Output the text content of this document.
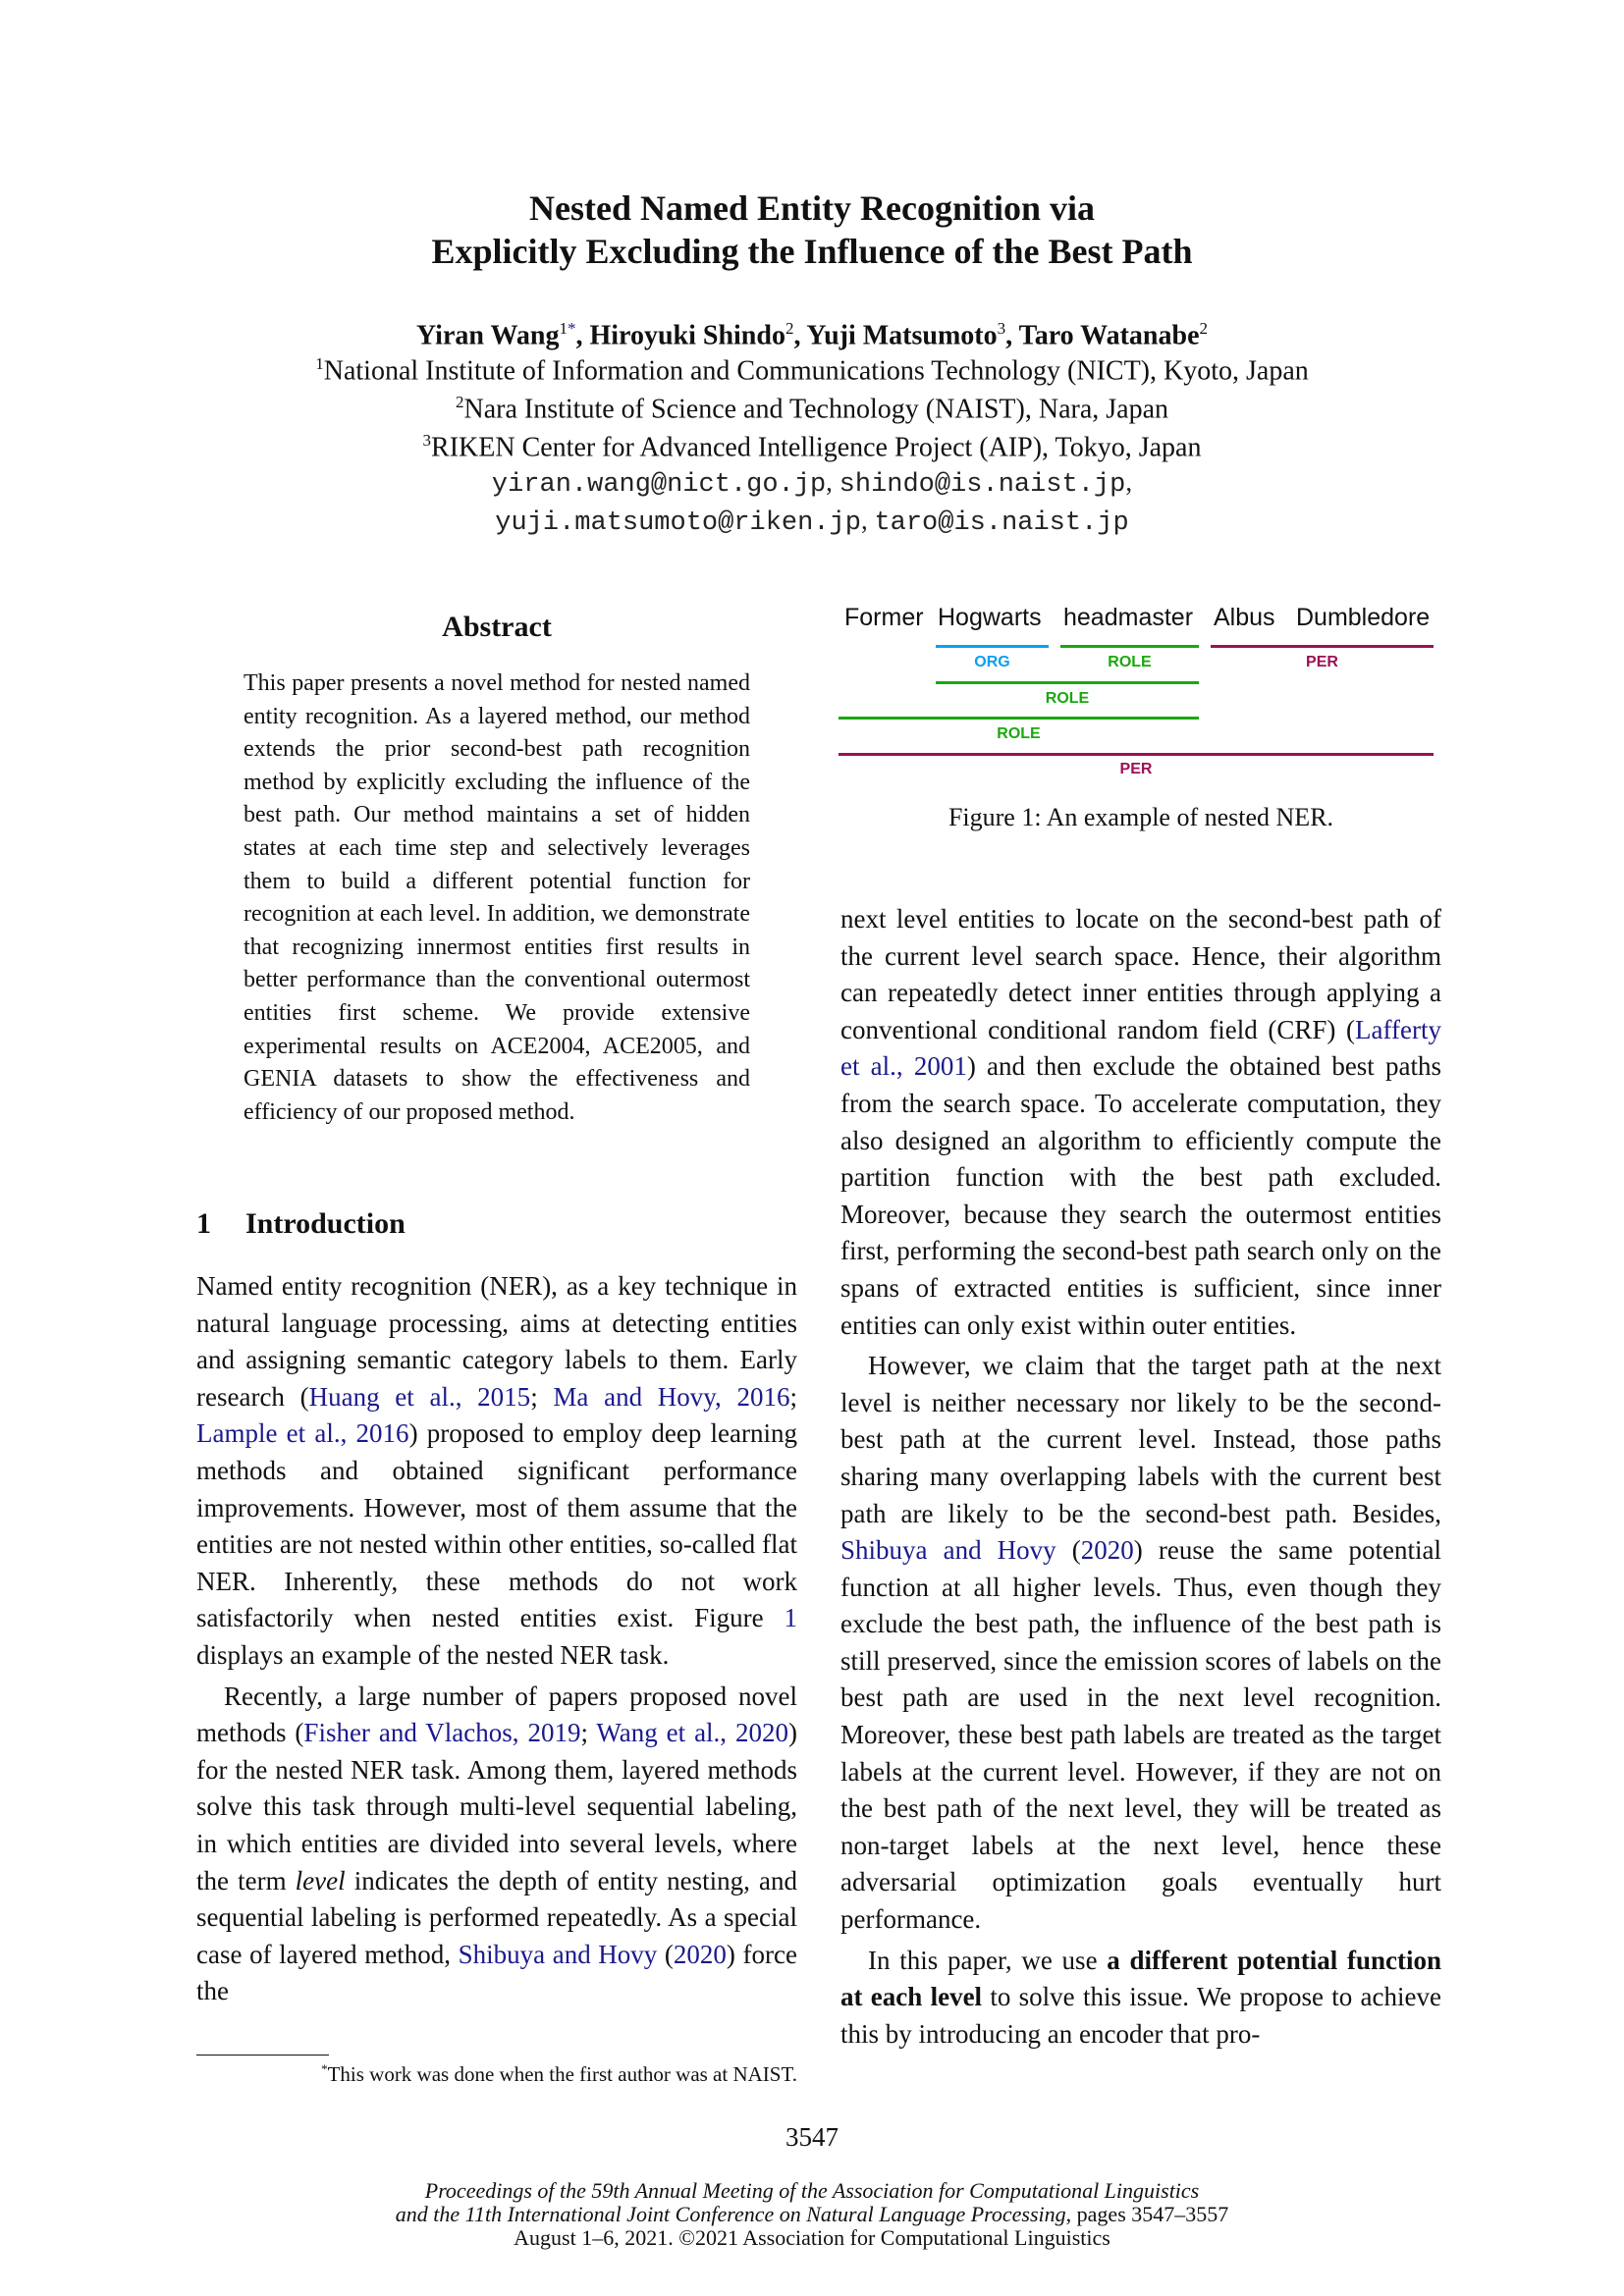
Nested Named Entity Recognition via
Explicitly Excluding the Influence of the Best Path
Yiran Wang$^{1*}$, Hiroyuki Shindo$^2$, Yuji Matsumoto$^3$, Taro Watanabe$^2$
$^1$National Institute of Information and Communications Technology (NICT), Kyoto, Japan
$^2$Nara Institute of Science and Technology (NAIST), Nara, Japan
$^3$RIKEN Center for Advanced Intelligence Project (AIP), Tokyo, Japan
yiran.wang@nict.go.jp, shindo@is.naist.jp,
yuji.matsumoto@riken.jp, taro@is.naist.jp
Abstract
This paper presents a novel method for nested named entity recognition. As a layered method, our method extends the prior second-best path recognition method by explicitly excluding the influence of the best path. Our method maintains a set of hidden states at each time step and selectively leverages them to build a different potential function for recognition at each level. In addition, we demonstrate that recognizing innermost entities first results in better performance than the conventional outermost entities first scheme. We provide extensive experimental results on ACE2004, ACE2005, and GENIA datasets to show the effectiveness and efficiency of our proposed method.
1 Introduction

Named entity recognition (NER), as a key technique in natural language processing, aims at detecting entities and assigning semantic category labels to them. Early research (Huang et al., 2015; Ma and Hovy, 2016; Lample et al., 2016) proposed to employ deep learning methods and obtained significant performance improvements. However, most of them assume that the entities are not nested within other entities, so-called flat NER. Inherently, these methods do not work satisfactorily when nested entities exist. Figure 1 displays an example of the nested NER task.

Recently, a large number of papers proposed novel methods (Fisher and Vlachos, 2019; Wang et al., 2020) for the nested NER task. Among them, layered methods solve this task through multi-level sequential labeling, in which entities are divided into several levels, where the term level indicates the depth of entity nesting, and sequential labeling is performed repeatedly. As a special case of layered method, Shibuya and Hovy (2020) force the

*This work was done when the first author was at NAIST.
Former Hogwarts headmaster Albus Dumbledore
ORG	ROLE	PER
ROLE
ROLE
PER
Figure 1: An example of nested NER.

next level entities to locate on the second-best path of the current level search space. Hence, their algorithm can repeatedly detect inner entities through applying a conventional conditional random field (CRF) (Lafferty et al., 2001) and then exclude the obtained best paths from the search space. To accelerate computation, they also designed an algorithm to efficiently compute the partition function with the best path excluded. Moreover, because they search the outermost entities first, performing the second-best path search only on the spans of extracted entities is sufficient, since inner entities can only exist within outer entities.

However, we claim that the target path at the next level is neither necessary nor likely to be the second-best path at the current level. Instead, those paths sharing many overlapping labels with the current best path are likely to be the second-best path. Besides, Shibuya and Hovy (2020) reuse the same potential function at all higher levels. Thus, even though they exclude the best path, the influence of the best path is still preserved, since the emission scores of labels on the best path are used in the next level recognition. Moreover, these best path labels are treated as the target labels at the current level. However, if they are not on the best path of the next level, they will be treated as non-target labels at the next level, hence these adversarial optimization goals eventually hurt performance.

In this paper, we use a different potential function at each level to solve this issue. We propose to achieve this by introducing an encoder that pro-

3547
Proceedings of the 59th Annual Meeting of the Association for Computational Linguistics
and the 11th International Joint Conference on Natural Language Processing, pages 3547–3557
August 1–6, 2021. ©2021 Association for Computational Linguistics
